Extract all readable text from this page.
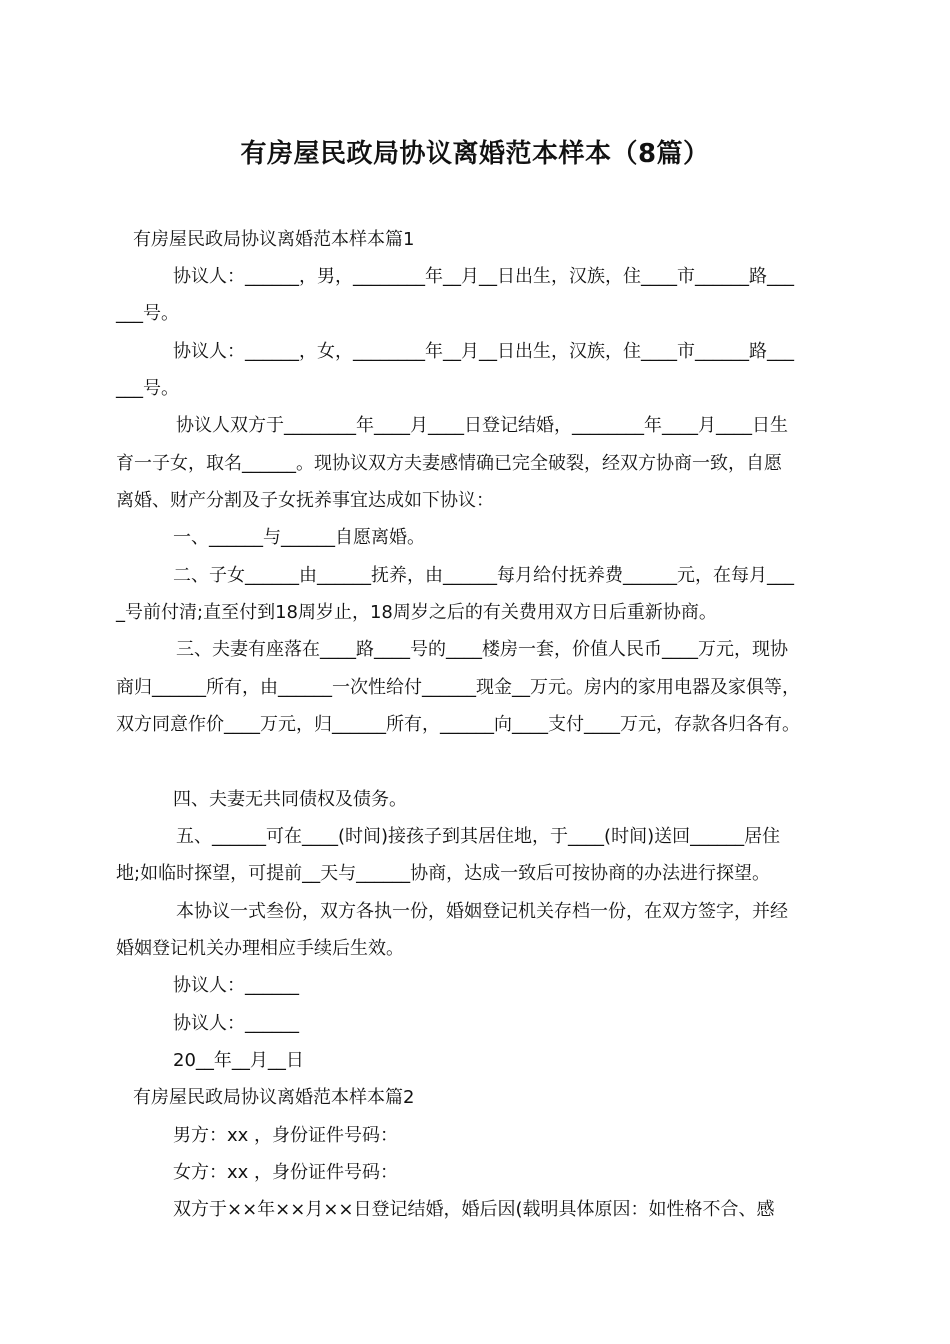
有房屋民政局协议离婚范本样本（8篇）
有房屋民政局协议离婚范本样本篇1
协议人：______，男，________年__月__日出生，汉族，住____市______路___
___号。
协议人：______，女，________年__月__日出生，汉族，住____市______路___
___号。
协议人双方于________年____月____日登记结婚，________年____月____日生
育一子女，取名______。现协议双方夫妻感情确已完全破裂，经双方协商一致，自愿
离婚、财产分割及子女抚养事宜达成如下协议：
一、______与______自愿离婚。
二、子女______由______抚养，由______每月给付抚养费______元，在每月___
_号前付清;直至付到18周岁止，18周岁之后的有关费用双方日后重新协商。
三、夫妻有座落在____路____号的____楼房一套，价值人民币____万元，现协
商归______所有，由______一次性给付______现金__万元。房内的家用电器及家俱等，
双方同意作价____万元，归______所有，______向____支付____万元，存款各归各有。
四、夫妻无共同债权及债务。
五、______可在____(时间)接孩子到其居住地，于____(时间)送回______居住
地;如临时探望，可提前__天与______协商，达成一致后可按协商的办法进行探望。
本协议一式叁份，双方各执一份，婚姻登记机关存档一份，在双方签字，并经
婚姻登记机关办理相应手续后生效。
协议人：______
协议人：______
20__年__月__日
有房屋民政局协议离婚范本样本篇2
男方：xx ，身份证件号码：
女方：xx ，身份证件号码：
双方于××年××月××日登记结婚，婚后因(载明具体原因：如性格不合、感
